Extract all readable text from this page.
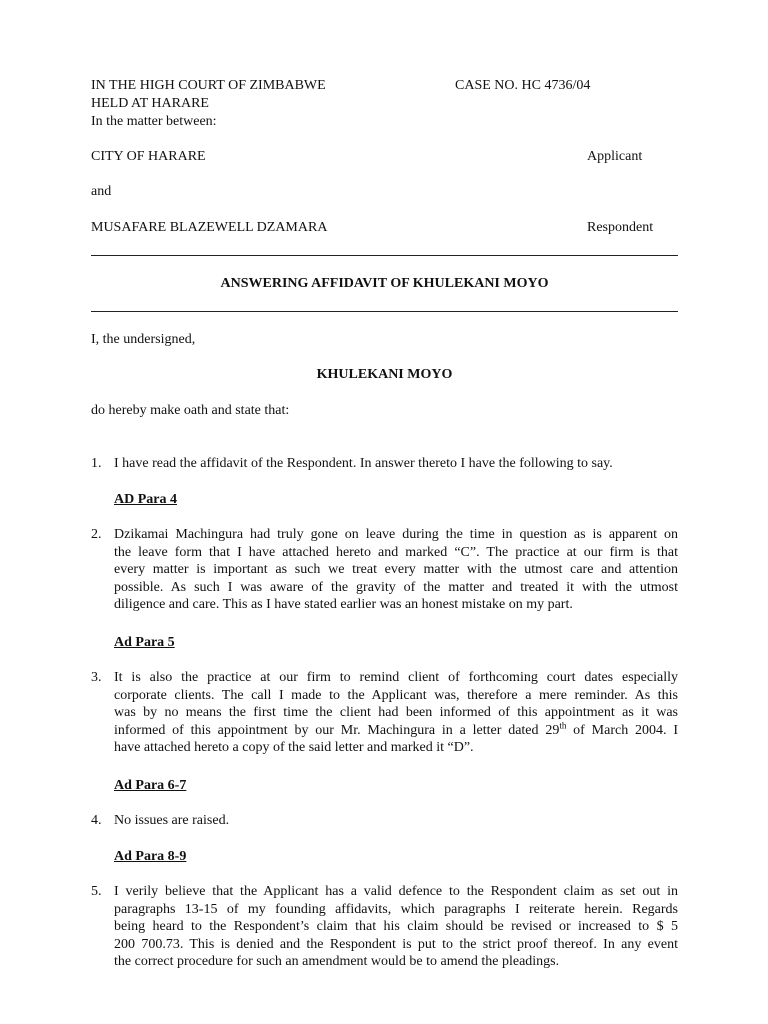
IN THE HIGH COURT OF ZIMBABWE	CASE NO. HC 4736/04
HELD AT HARARE
In the matter between:
CITY OF HARARE	Applicant
and
MUSAFARE BLAZEWELL DZAMARA	Respondent
ANSWERING AFFIDAVIT OF KHULEKANI MOYO
I, the undersigned,
KHULEKANI MOYO
do hereby make oath and state that:
1. I have read the affidavit of the Respondent. In answer thereto I have the following to say.
AD Para 4
2. Dzikamai Machingura had truly gone on leave during the time in question as is apparent on
the leave form that I have attached hereto and marked “C”. The practice at our firm is that
every matter is important as such we treat every matter with the utmost care and attention
possible. As such I was aware of the gravity of the matter and treated it with the utmost
diligence and care. This as I have stated earlier was an honest mistake on my part.
Ad Para 5
3. It is also the practice at our firm to remind client of forthcoming court dates especially
corporate clients. The call I made to the Applicant was, therefore a mere reminder. As this
was by no means the first time the client had been informed of this appointment as it was
informed of this appointment by our Mr. Machingura in a letter dated 29th of March 2004. I
have attached hereto a copy of the said letter and marked it “D”.
Ad Para 6-7
4. No issues are raised.
Ad Para 8-9
5. I verily believe that the Applicant has a valid defence to the Respondent claim as set out in
paragraphs 13-15 of my founding affidavits, which paragraphs I reiterate herein. Regards
being heard to the Respondent’s claim that his claim should be revised or increased to $ 5
200 700.73. This is denied and the Respondent is put to the strict proof thereof. In any event
the correct procedure for such an amendment would be to amend the pleadings.
